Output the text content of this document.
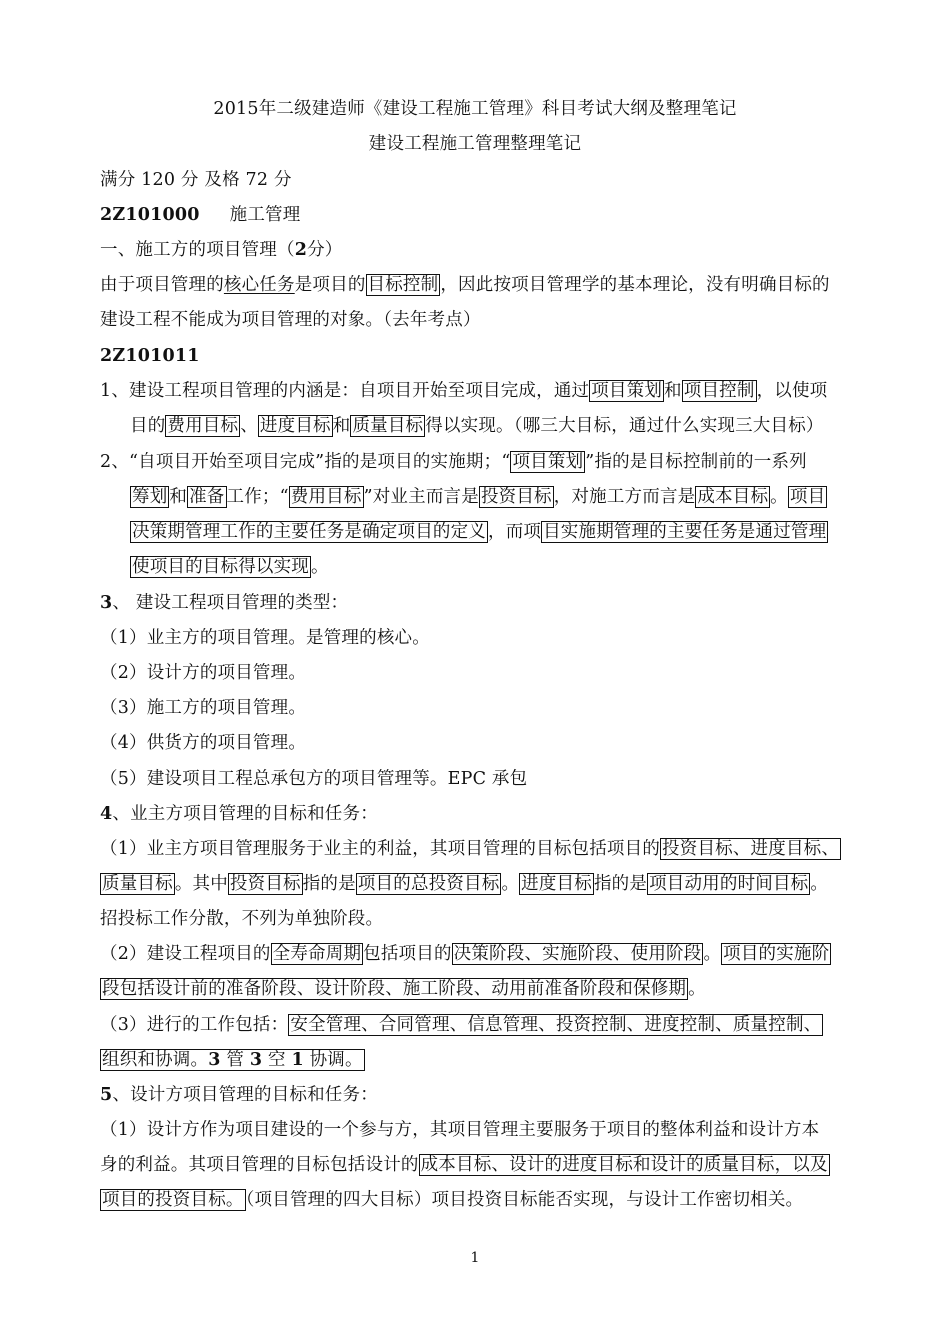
2015年二级建造师《建设工程施工管理》科目考试大纲及整理笔记
建设工程施工管理整理笔记
满分 120 分 及格 72 分
2Z101000 施工管理
一、施工方的项目管理（2分）
由于项目管理的核心任务是项目的 目标控制 ，因此按项目管理学的基本理论，没有明确目标的
建设工程不能成为项目管理的对象。（去年考点）
2Z101011
1、建设工程项目管理的内涵是：自项目开始至项目完成，通过 项目策划 和 项目控制 ，以使项
目的 费用目标 、 进度目标 和 质量目标 得以实现。（哪三大目标，通过什么实现三大目标）
2、“自项目开始至项目完成”指的是项目的实施期；“ 项目策划 ”指的是目标控制前的一系列
筹划 和 准备 工作；“ 费用目标 ”对业主而言是 投资目标 ，对施工方而言是 成本目标 。 项目
决策期管理工作的主要任务是确定项目的定义 ，而项 目实施期管理的主要任务是通过管理
使项目的目标得以实现 。
3、 建设工程项目管理的类型：
（1）业主方的项目管理。是管理的核心。
（2）设计方的项目管理。
（3）施工方的项目管理。
（4）供货方的项目管理。
（5）建设项目工程总承包方的项目管理等。EPC 承包
4、业主方项目管理的目标和任务：
（1）业主方项目管理服务于业主的利益，其项目管理的目标包括项目的 投资目标、进度目标、
质量目标 。其中 投资目标 指的是 项目的总投资目标 。 进度目标 指的是 项目动用的时间目标 。
招投标工作分散，不列为单独阶段。
（2）建设工程项目的 全寿命周期 包括项目的 决策阶段、实施阶段、使用阶段 。 项目的实施阶
段包括设计前的准备阶段、设计阶段、施工阶段、动用前准备阶段和保修期 。
（3）进行的工作包括： 安全管理、合同管理、信息管理、投资控制、进度控制、质量控制、
组织和协调。3 管 3 空 1 协调。
5、设计方项目管理的目标和任务：
（1）设计方作为项目建设的一个参与方，其项目管理主要服务于项目的整体利益和设计方本
身的利益。其项目管理的目标包括设计的 成本目标、设计的进度目标和设计的质量目标，以及
项目的投资目标。 （项目管理的四大目标）项目投资目标能否实现，与设计工作密切相关。
1
